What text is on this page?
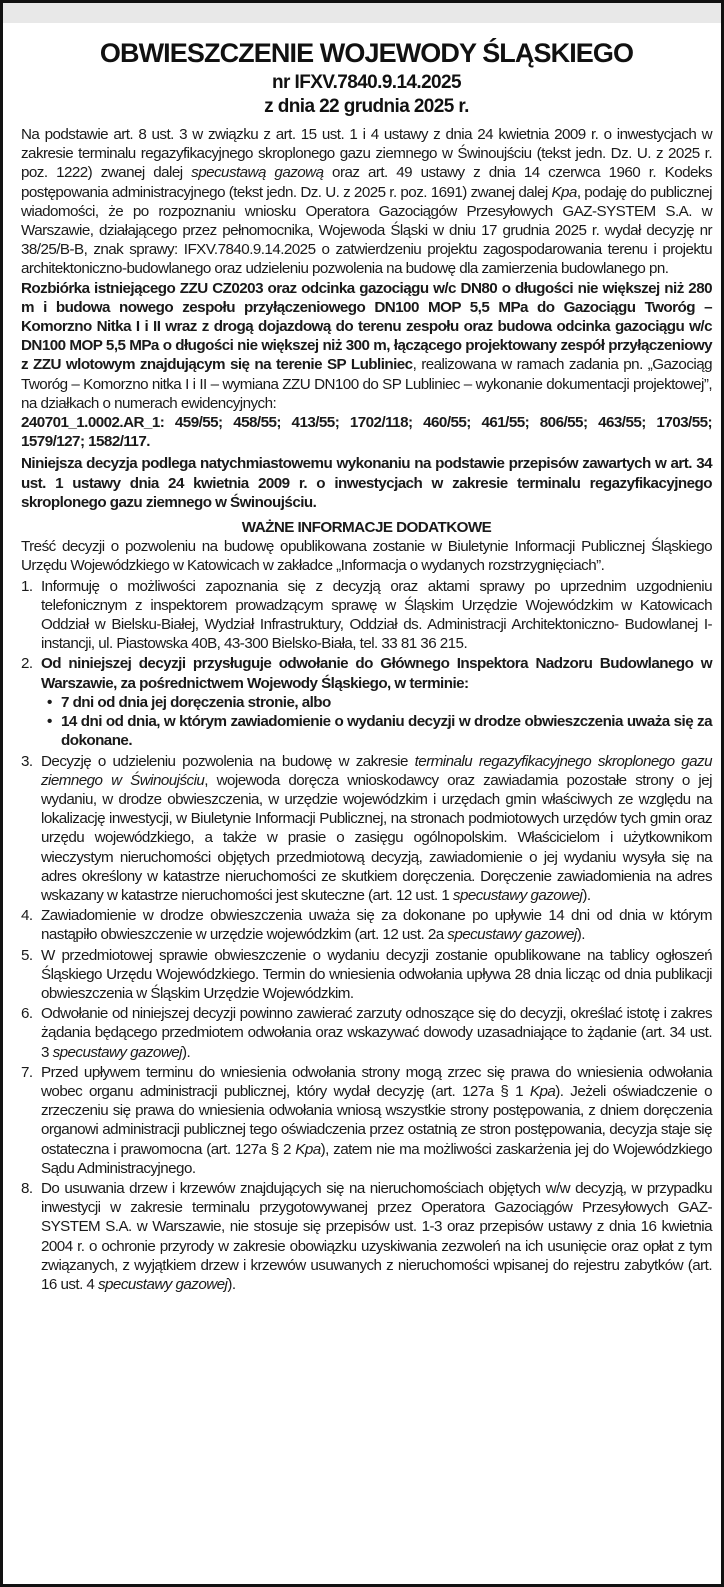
OBWIESZCZENIE WOJEWODY ŚLĄSKIEGO
nr IFXV.7840.9.14.2025
z dnia 22 grudnia 2025 r.

Na podstawie art. 8 ust. 3 w związku z art. 15 ust. 1 i 4 ustawy z dnia 24 kwietnia 2009 r. o inwestycjach w zakresie terminalu regazyfikacyjnego skroplonego gazu ziemnego w Świnoujściu (tekst jedn. Dz. U. z 2025 r. poz. 1222) zwanej dalej specustawą gazową oraz art. 49 ustawy z dnia 14 czerwca 1960 r. Kodeks postępowania administracyjnego (tekst jedn. Dz. U. z 2025 r. poz. 1691) zwanej dalej Kpa, podaję do publicznej wiadomości, że po rozpoznaniu wniosku Operatora Gazociągów Przesyłowych GAZ-SYSTEM S.A. w Warszawie, działającego przez pełnomocnika, Wojewoda Śląski w dniu 17 grudnia 2025 r. wydał decyzję nr 38/25/B-B, znak sprawy: IFXV.7840.9.14.2025 o zatwierdzeniu projektu zagospodarowania terenu i projektu architektoniczno-budowlanego oraz udzieleniu pozwolenia na budowę dla zamierzenia budowlanego pn.

Rozbiórka istniejącego ZZU CZ0203 oraz odcinka gazociągu w/c DN80 o długości nie większej niż 280 m i budowa nowego zespołu przyłączeniowego DN100 MOP 5,5 MPa do Gazociągu Tworóg – Komorzno Nitka I i II wraz z drogą dojazdową do terenu zespołu oraz budowa odcinka gazociągu w/c DN100 MOP 5,5 MPa o długości nie większej niż 300 m, łączącego projektowany zespół przyłączeniowy z ZZU wlotowym znajdującym się na terenie SP Lubliniec, realizowana w ramach zadania pn. „Gazociąg Tworóg – Komorzno nitka I i II – wymiana ZZU DN100 do SP Lubliniec – wykonanie dokumentacji projektowej”, na działkach o numerach ewidencyjnych:

240701_1.0002.AR_1: 459/55; 458/55; 413/55; 1702/118; 460/55; 461/55; 806/55; 463/55; 1703/55; 1579/127; 1582/117.

Niniejsza decyzja podlega natychmiastowemu wykonaniu na podstawie przepisów zawartych w art. 34 ust. 1 ustawy dnia 24 kwietnia 2009 r. o inwestycjach w zakresie terminalu regazyfikacyjnego skroplonego gazu ziemnego w Świnoujściu.

WAŻNE INFORMACJE DODATKOWE

Treść decyzji o pozwoleniu na budowę opublikowana zostanie w Biuletynie Informacji Publicznej Śląskiego Urzędu Wojewódzkiego w Katowicach w zakładce „Informacja o wydanych rozstrzygnięciach”.

1. Informuję o możliwości zapoznania się z decyzją oraz aktami sprawy po uprzednim uzgodnieniu telefonicznym z inspektorem prowadzącym sprawę w Śląskim Urzędzie Wojewódzkim w Katowicach Oddział w Bielsku-Białej, Wydział Infrastruktury, Oddział ds. Administracji Architektoniczno- Budowlanej I-instancji, ul. Piastowska 40B, 43-300 Bielsko-Biała, tel. 33 81 36 215.
2. Od niniejszej decyzji przysługuje odwołanie do Głównego Inspektora Nadzoru Budowlanego w Warszawie, za pośrednictwem Wojewody Śląskiego, w terminie:
• 7 dni od dnia jej doręczenia stronie, albo
• 14 dni od dnia, w którym zawiadomienie o wydaniu decyzji w drodze obwieszczenia uważa się za dokonane.
3. Decyzję o udzieleniu pozwolenia na budowę w zakresie terminalu regazyfikacyjnego skroplonego gazu ziemnego w Świnoujściu, wojewoda doręcza wnioskodawcy oraz zawiadamia pozostałe strony o jej wydaniu, w drodze obwieszczenia, w urzędzie wojewódzkim i urzędach gmin właściwych ze względu na lokalizację inwestycji, w Biuletynie Informacji Publicznej, na stronach podmiotowych urzędów tych gmin oraz urzędu wojewódzkiego, a także w prasie o zasięgu ogólnopolskim. Właścicielom i użytkownikom wieczystym nieruchomości objętych przedmiotową decyzją, zawiadomienie o jej wydaniu wysyła się na adres określony w katastrze nieruchomości ze skutkiem doręczenia. Doręczenie zawiadomienia na adres wskazany w katastrze nieruchomości jest skuteczne (art. 12 ust. 1 specustawy gazowej).
4. Zawiadomienie w drodze obwieszczenia uważa się za dokonane po upływie 14 dni od dnia w którym nastąpiło obwieszczenie w urzędzie wojewódzkim (art. 12 ust. 2a specustawy gazowej).
5. W przedmiotowej sprawie obwieszczenie o wydaniu decyzji zostanie opublikowane na tablicy ogłoszeń Śląskiego Urzędu Wojewódzkiego. Termin do wniesienia odwołania upływa 28 dnia licząc od dnia publikacji obwieszczenia w Śląskim Urzędzie Wojewódzkim.
6. Odwołanie od niniejszej decyzji powinno zawierać zarzuty odnoszące się do decyzji, określać istotę i zakres żądania będącego przedmiotem odwołania oraz wskazywać dowody uzasadniające to żądanie (art. 34 ust. 3 specustawy gazowej).
7. Przed upływem terminu do wniesienia odwołania strony mogą zrzec się prawa do wniesienia odwołania wobec organu administracji publicznej, który wydał decyzję (art. 127a § 1 Kpa). Jeżeli oświadczenie o zrzeczeniu się prawa do wniesienia odwołania wniosą wszystkie strony postępowania, z dniem doręczenia organowi administracji publicznej tego oświadczenia przez ostatnią ze stron postępowania, decyzja staje się ostateczna i prawomocna (art. 127a § 2 Kpa), zatem nie ma możliwości zaskarżenia jej do Wojewódzkiego Sądu Administracyjnego.
8. Do usuwania drzew i krzewów znajdujących się na nieruchomościach objętych w/w decyzją, w przypadku inwestycji w zakresie terminalu przygotowywanej przez Operatora Gazociągów Przesyłowych GAZ-SYSTEM S.A. w Warszawie, nie stosuje się przepisów ust. 1-3 oraz przepisów ustawy z dnia 16 kwietnia 2004 r. o ochronie przyrody w zakresie obowiązku uzyskiwania zezwoleń na ich usunięcie oraz opłat z tym związanych, z wyjątkiem drzew i krzewów usuwanych z nieruchomości wpisanej do rejestru zabytków (art. 16 ust. 4 specustawy gazowej).
